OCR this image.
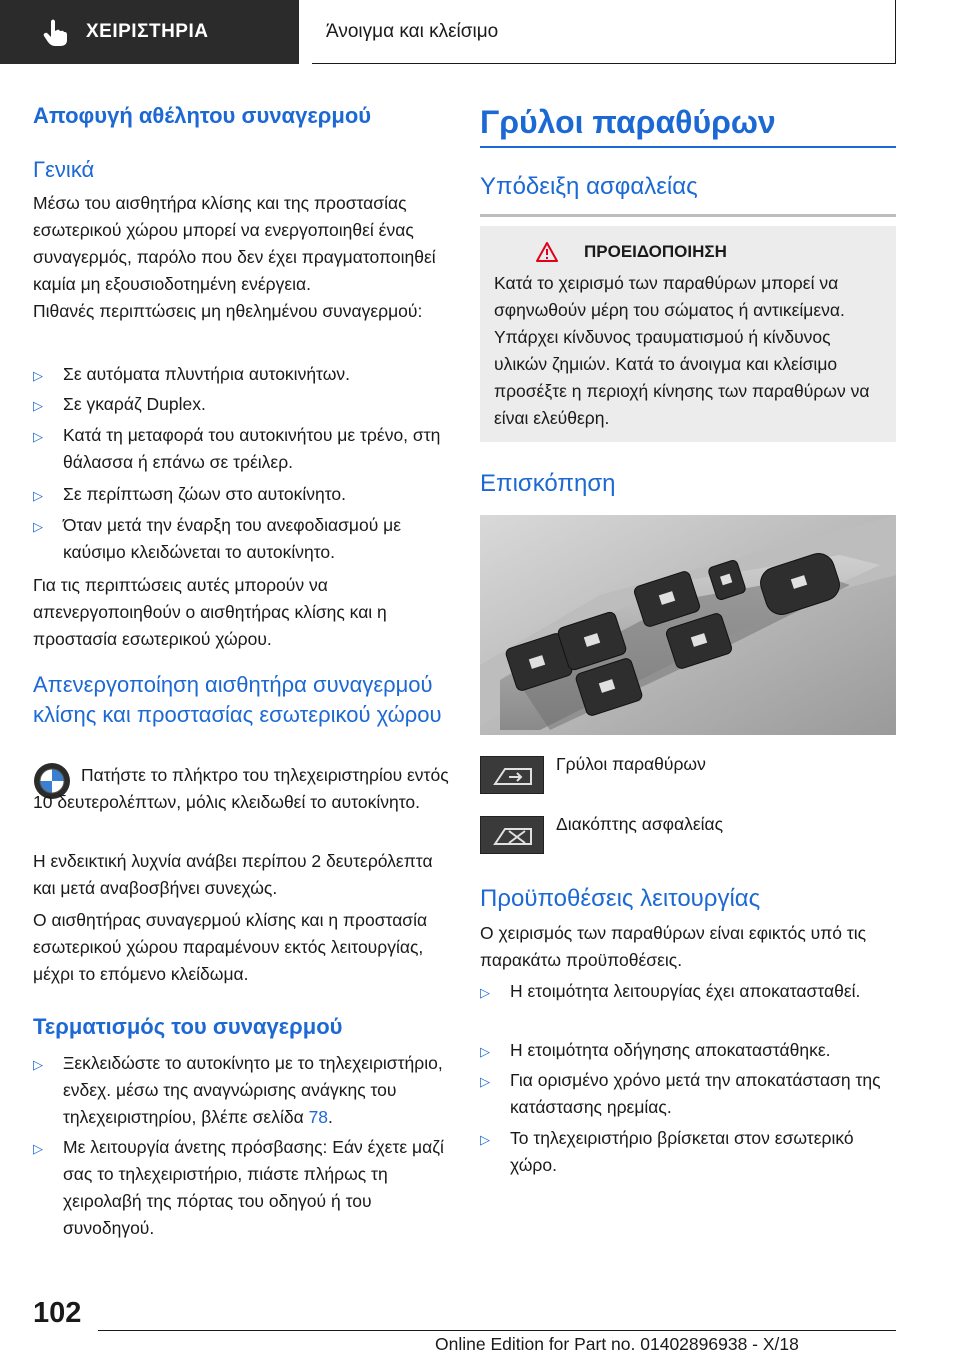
ΧΕΙΡΙΣΤΗΡΙΑ	Άνοιγμα και κλείσιμο
Αποφυγή αθέλητου συναγερμού
Γενικά

Μέσω του αισθητήρα κλίσης και της προστασίας εσωτερικού χώρου μπορεί να ενεργοποιηθεί ένας συναγερμός, παρόλο που δεν έχει πραγματοποιηθεί καμία μη εξουσιοδοτημένη ενέργεια.

Πιθανές περιπτώσεις μη ηθελημένου συναγερμού:

▷	Σε αυτόματα πλυντήρια αυτοκινήτων.
▷	Σε γκαράζ Duplex.
▷	Κατά τη μεταφορά του αυτοκινήτου με τρένο, στη θάλασσα ή επάνω σε τρέιλερ.
▷	Σε περίπτωση ζώων στο αυτοκίνητο.
▷	Όταν μετά την έναρξη του ανεφοδιασμού με καύσιμο κλειδώνεται το αυτοκίνητο.

Για τις περιπτώσεις αυτές μπορούν να απενεργοποιηθούν ο αισθητήρας κλίσης και η προστασία εσωτερικού χώρου.

Απενεργοποίηση αισθητήρα συναγερμού κλίσης και προστασίας εσωτερικού χώρου

Πατήστε το πλήκτρο του τηλεχειριστηρίου εντός 10 δευτερολέπτων, μόλις κλειδωθεί το αυτοκίνητο.

Η ενδεικτική λυχνία ανάβει περίπου 2 δευτερόλεπτα και μετά αναβοσβήνει συνεχώς.

Ο αισθητήρας συναγερμού κλίσης και η προστασία εσωτερικού χώρου παραμένουν εκτός λειτουργίας, μέχρι το επόμενο κλείδωμα.

Τερματισμός του συναγερμού
▷	Ξεκλειδώστε το αυτοκίνητο με το τηλεχειριστήριο, ενδεχ. μέσω της αναγνώρισης ανάγκης του τηλεχειριστηρίου, βλέπε σελίδα 78.
▷	Με λειτουργία άνετης πρόσβασης: Εάν έχετε μαζί σας το τηλεχειριστήριο, πιάστε πλήρως τη χειρολαβή της πόρτας του οδηγού ή του συνοδηγού.
Γρύλοι παραθύρων
Υπόδειξη ασφαλείας
ΠΡΟΕΙΔΟΠΟΙΗΣΗ

Κατά το χειρισμό των παραθύρων μπορεί να σφηνωθούν μέρη του σώματος ή αντικείμενα. Υπάρχει κίνδυνος τραυματισμού ή κίνδυνος υλικών ζημιών. Κατά το άνοιγμα και κλείσιμο προσέξτε η περιοχή κίνησης των παραθύρων να είναι ελεύθερη.

Επισκόπηση
Γρύλοι παραθύρων
Διακόπτης ασφαλείας
Προϋποθέσεις λειτουργίας

Ο χειρισμός των παραθύρων είναι εφικτός υπό τις παρακάτω προϋποθέσεις.

▷	Η ετοιμότητα λειτουργίας έχει αποκατασταθεί.
▷	Η ετοιμότητα οδήγησης αποκαταστάθηκε.
▷	Για ορισμένο χρόνο μετά την αποκατάσταση της κατάστασης ηρεμίας.
▷	Το τηλεχειριστήριο βρίσκεται στον εσωτερικό χώρο.
102
Online Edition for Part no. 01402896938 - X/18
